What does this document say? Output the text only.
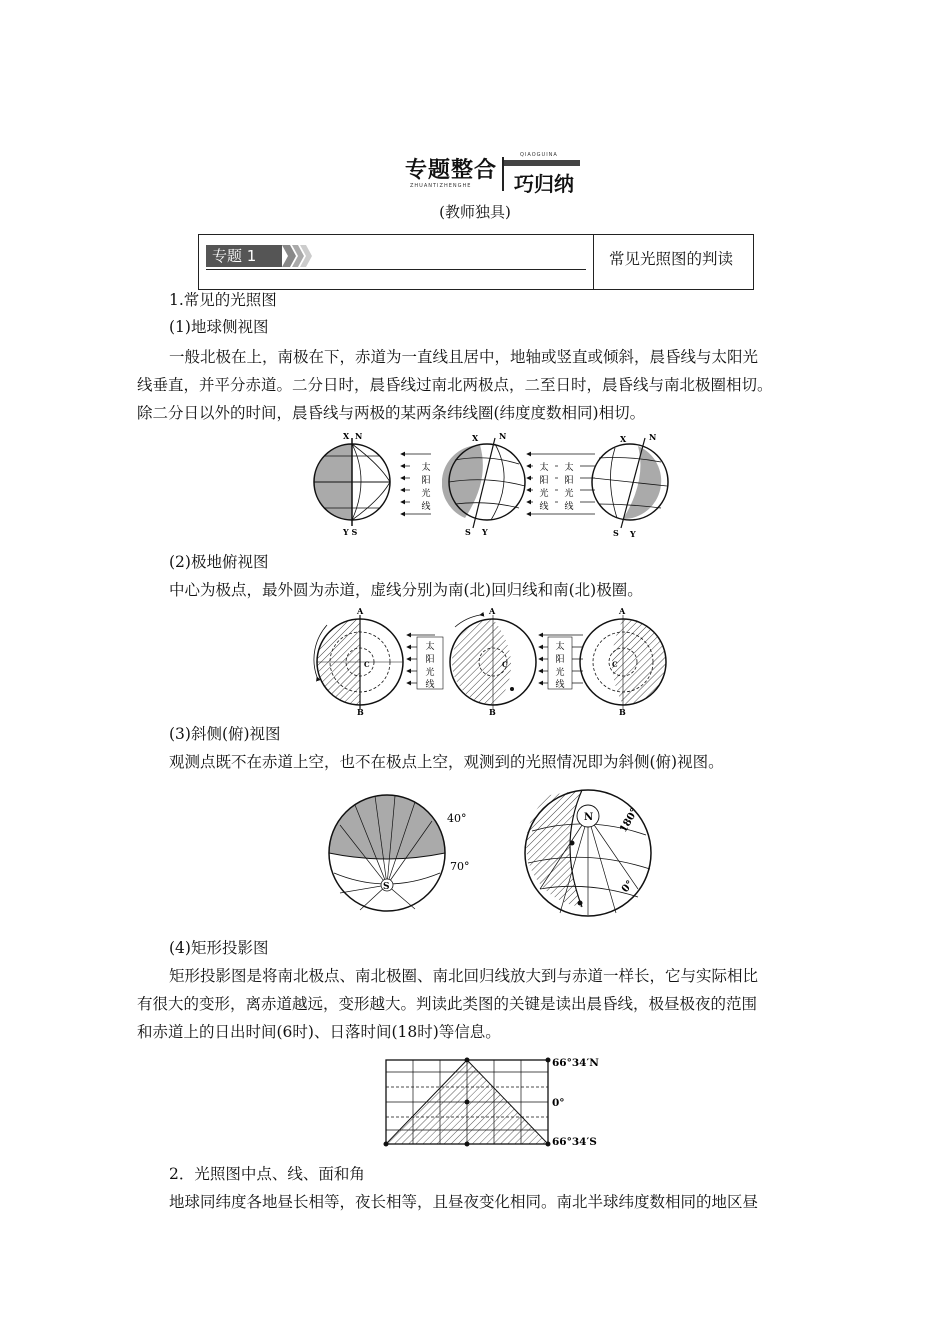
专题整合
QIAOGUINA
ZHUANTIZHENGHE 巧归纳
(教师独具)
专题 1	常见光照图的判读
1.常见的光照图
(1)地球侧视图
一般北极在上，南极在下，赤道为一直线且居中，地轴或竖直或倾斜，晨昏线与太阳光
线垂直，并平分赤道。二分日时，晨昏线过南北两极点，二至日时，晨昏线与南北极圈相切。
除二分日以外的时间，晨昏线与两极的某两条纬线圈(纬度度数相同)相切。
X N
Y S
X	N
S Y
太
阳
光
线
太
阳
光
线
太
阳
光
线
X	N
S Y
(2)极地俯视图
中心为极点，最外圆为赤道，虚线分别为南(北)回归线和南(北)极圈。
A
C
B
太
阳
光
线
A
C
B
太
阳
光
线
A
C
B
(3)斜侧(俯)视图
观测点既不在赤道上空，也不在极点上空，观测到的光照情况即为斜侧(俯)视图。
S
40°
70°
N 180°
0°
(4)矩形投影图
矩形投影图是将南北极点、南北极圈、南北回归线放大到与赤道一样长，它与实际相比
有很大的变形，离赤道越远，变形越大。判读此类图的关键是读出晨昏线，极昼极夜的范围
和赤道上的日出时间(6时)、日落时间(18时)等信息。
66°34′N
0°
66°34′S
2．光照图中点、线、面和角
地球同纬度各地昼长相等，夜长相等，且昼夜变化相同。南北半球纬度数相同的地区昼
